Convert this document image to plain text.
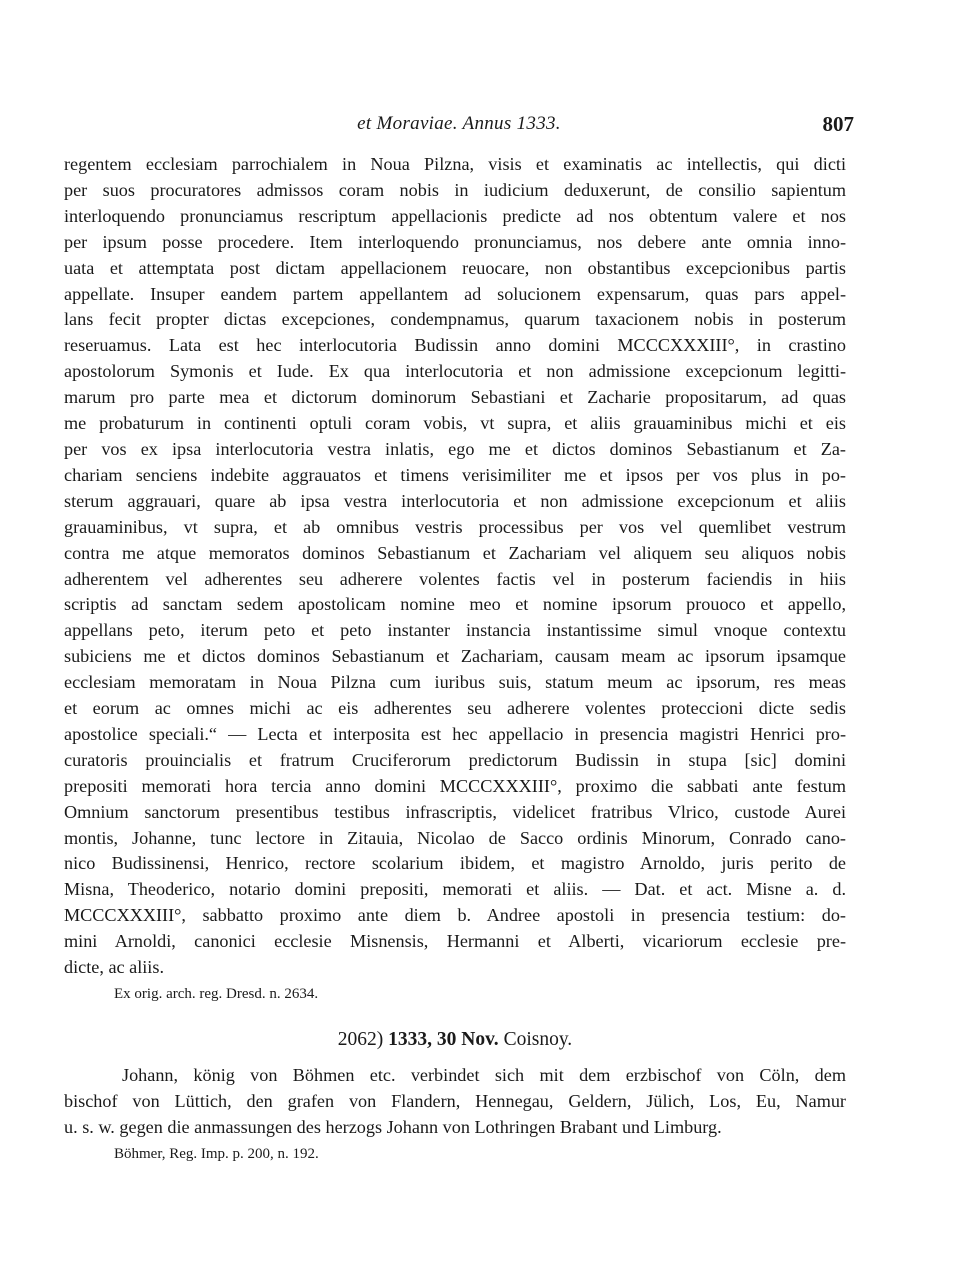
et Moraviae. Annus 1333.	807
regentem ecclesiam parrochialem in Noua Pilzna, visis et examinatis ac intellectis, qui dicti
per suos procuratores admissos coram nobis in iudicium deduxerunt, de consilio sapientum
interloquendo pronunciamus rescriptum appellacionis predicte ad nos obtentum valere et nos
per ipsum posse procedere. Item interloquendo pronunciamus, nos debere ante omnia inno-
uata et attemptata post dictam appellacionem reuocare, non obstantibus excepcionibus partis
appellate. Insuper eandem partem appellantem ad solucionem expensarum, quas pars appel-
lans fecit propter dictas excepciones, condempnamus, quarum taxacionem nobis in posterum
reseruamus. Lata est hec interlocutoria Budissin anno domini MCCCXXXIII°, in crastino
apostolorum Symonis et Iude. Ex qua interlocutoria et non admissione excepcionum legitti-
marum pro parte mea et dictorum dominorum Sebastiani et Zacharie propositarum, ad quas
me probaturum in continenti optuli coram vobis, vt supra, et aliis grauaminibus michi et eis
per vos ex ipsa interlocutoria vestra inlatis, ego me et dictos dominos Sebastianum et Za-
chariam senciens indebite aggrauatos et timens verisimiliter me et ipsos per vos plus in po-
sterum aggrauari, quare ab ipsa vestra interlocutoria et non admissione excepcionum et aliis
grauaminibus, vt supra, et ab omnibus vestris processibus per vos vel quemlibet vestrum
contra me atque memoratos dominos Sebastianum et Zachariam vel aliquem seu aliquos nobis
adherentem vel adherentes seu adherere volentes factis vel in posterum faciendis in hiis
scriptis ad sanctam sedem apostolicam nomine meo et nomine ipsorum prouoco et appello,
appellans peto, iterum peto et peto instanter instancia instantissime simul vnoque contextu
subiciens me et dictos dominos Sebastianum et Zachariam, causam meam ac ipsorum ipsamque
ecclesiam memoratam in Noua Pilzna cum iuribus suis, statum meum ac ipsorum, res meas
et eorum ac omnes michi ac eis adherentes seu adherere volentes proteccioni dicte sedis
apostolice speciali.“ — Lecta et interposita est hec appellacio in presencia magistri Henrici pro-
curatoris prouincialis et fratrum Cruciferorum predictorum Budissin in stupa [sic] domini
prepositi memorati hora tercia anno domini MCCCXXXIII°, proximo die sabbati ante festum
Omnium sanctorum presentibus testibus infrascriptis, videlicet fratribus Vlrico, custode Aurei
montis, Johanne, tunc lectore in Zitauia, Nicolao de Sacco ordinis Minorum, Conrado cano-
nico Budissinensi, Henrico, rectore scolarium ibidem, et magistro Arnoldo, juris perito de
Misna, Theoderico, notario domini prepositi, memorati et aliis. — Dat. et act. Misne a. d.
MCCCXXXIII°, sabbatto proximo ante diem b. Andree apostoli in presencia testium: do-
mini Arnoldi, canonici ecclesie Misnensis, Hermanni et Alberti, vicariorum ecclesie pre-
dicte, ac aliis.
Ex orig. arch. reg. Dresd. n. 2634.
2062) 1333, 30 Nov. Coisnoy.
Johann, könig von Böhmen etc. verbindet sich mit dem erzbischof von Cöln, dem
bischof von Lüttich, den grafen von Flandern, Hennegau, Geldern, Jülich, Los, Eu, Namur
u. s. w. gegen die anmassungen des herzogs Johann von Lothringen Brabant und Limburg.
Böhmer, Reg. Imp. p. 200, n. 192.
